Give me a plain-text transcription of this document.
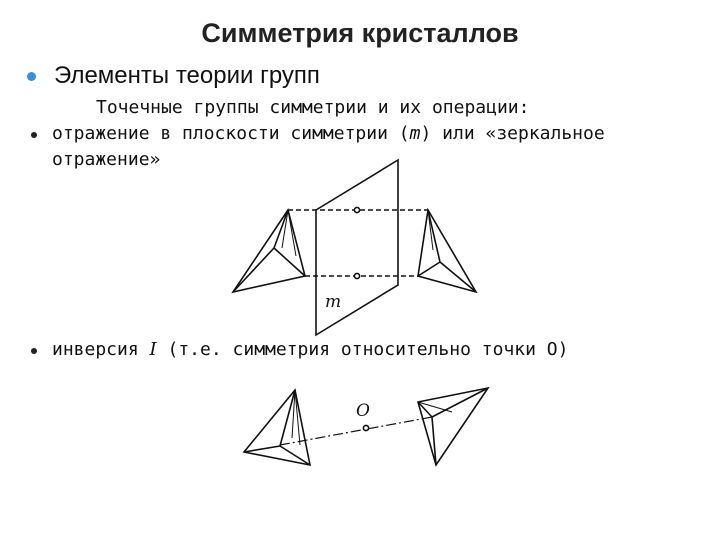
Симметрия кристаллов
Элементы теории групп
Точечные группы симметрии и их операции:
отражение в плоскости симметрии (m) или «зеркальное отражение»
инверсия I (т.е. симметрия относительно точки О)
m
O
